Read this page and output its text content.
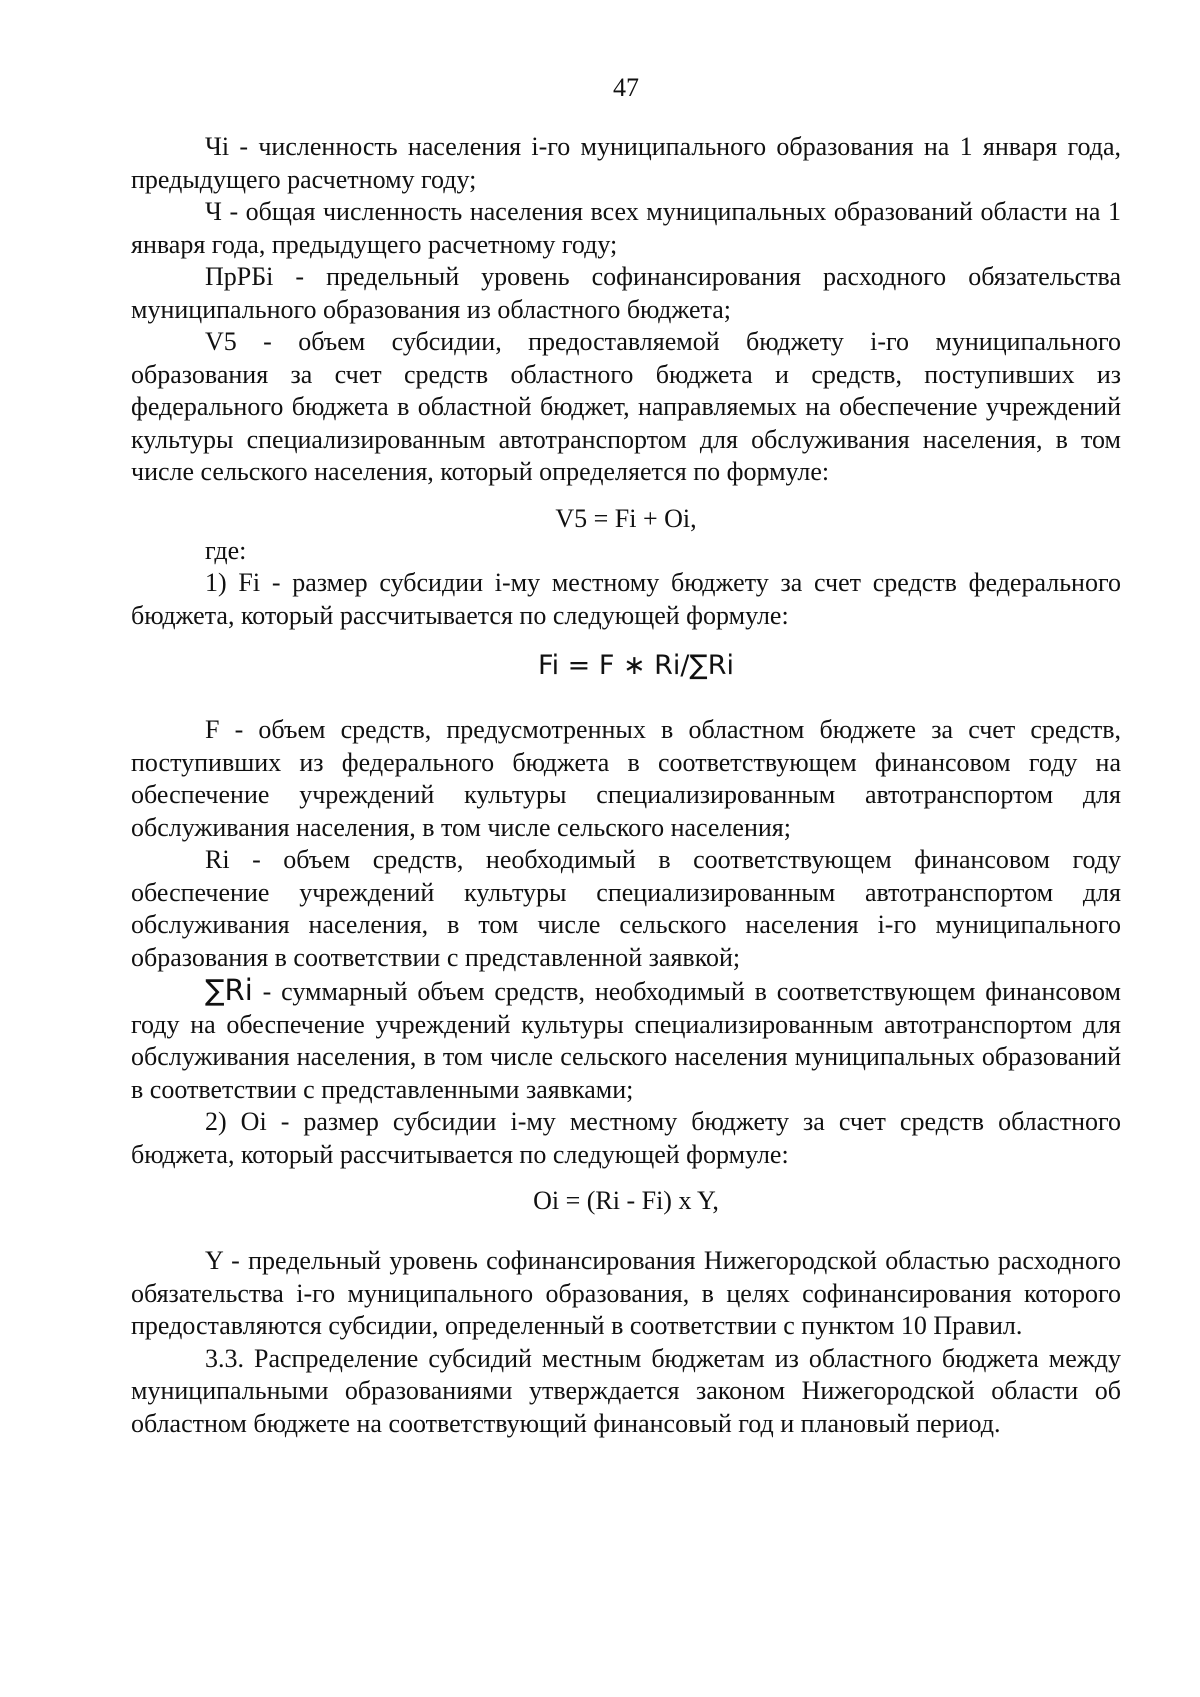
47

Чi - численность населения i-го муниципального образования на 1 января года, предыдущего расчетному году;

Ч - общая численность населения всех муниципальных образований области на 1 января года, предыдущего расчетному году;

ПрРБi - предельный уровень софинансирования расходного обязательства муниципального образования из областного бюджета;

V5 - объем субсидии, предоставляемой бюджету i-го муниципального образования за счет средств областного бюджета и средств, поступивших из федерального бюджета в областной бюджет, направляемых на обеспечение учреждений культуры специализированным автотранспортом для обслуживания населения, в том числе сельского населения, который определяется по формуле:

V5 = Fi + Oi,
где:

1) Fi - размер субсидии i-му местному бюджету за счет средств федерального бюджета, который рассчитывается по следующей формуле:

Fi = F ∗ Ri/∑Ri

F - объем средств, предусмотренных в областном бюджете за счет средств, поступивших из федерального бюджета в соответствующем финансовом году на обеспечение учреждений культуры специализированным автотранспортом для обслуживания населения, в том числе сельского населения;

Ri - объем средств, необходимый в соответствующем финансовом году обеспечение учреждений культуры специализированным автотранспортом для обслуживания населения, в том числе сельского населения i-го муниципального образования в соответствии с представленной заявкой;

∑Ri - суммарный объем средств, необходимый в соответствующем финансовом году на обеспечение учреждений культуры специализированным автотранспортом для обслуживания населения, в том числе сельского населения муниципальных образований в соответствии с представленными заявками;

2) Oi - размер субсидии i-му местному бюджету за счет средств областного бюджета, который рассчитывается по следующей формуле:

Oi = (Ri - Fi) x Y,

Y - предельный уровень софинансирования Нижегородской областью расходного обязательства i-го муниципального образования, в целях софинансирования которого предоставляются субсидии, определенный в соответствии с пунктом 10 Правил.

3.3. Распределение субсидий местным бюджетам из областного бюджета между муниципальными образованиями утверждается законом Нижегородской области об областном бюджете на соответствующий финансовый год и плановый период.
